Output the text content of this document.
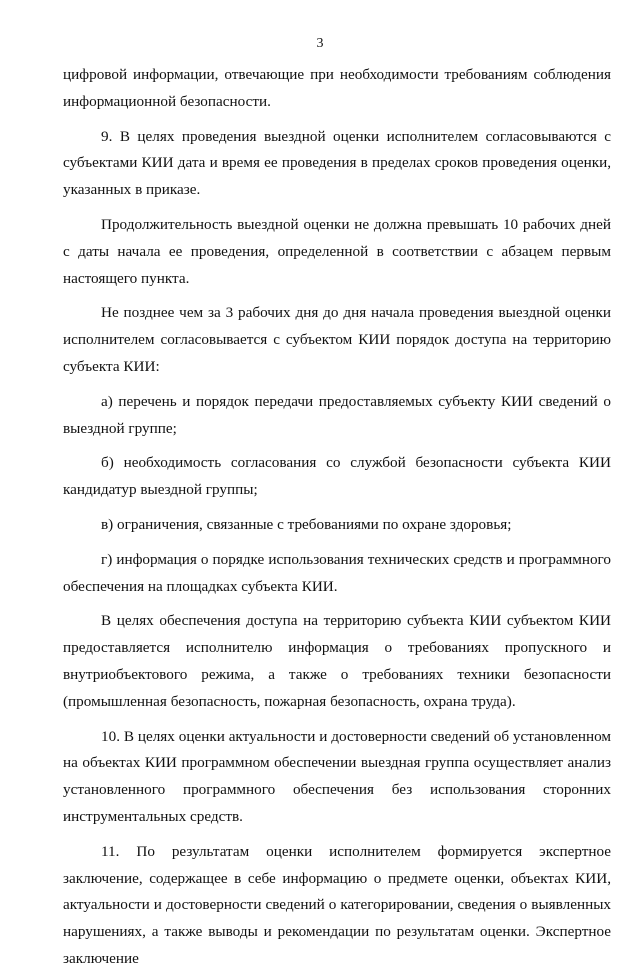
3

цифровой информации, отвечающие при необходимости требованиям соблюдения информационной безопасности.

9. В целях проведения выездной оценки исполнителем согласовываются с субъектами КИИ дата и время ее проведения в пределах сроков проведения оценки, указанных в приказе.

Продолжительность выездной оценки не должна превышать 10 рабочих дней с даты начала ее проведения, определенной в соответствии с абзацем первым настоящего пункта.

Не позднее чем за 3 рабочих дня до дня начала проведения выездной оценки исполнителем согласовывается с субъектом КИИ порядок доступа на территорию субъекта КИИ:

а) перечень и порядок передачи предоставляемых субъекту КИИ сведений о выездной группе;

б) необходимость согласования со службой безопасности субъекта КИИ кандидатур выездной группы;

в) ограничения, связанные с требованиями по охране здоровья;

г) информация о порядке использования технических средств и программного обеспечения на площадках субъекта КИИ.

В целях обеспечения доступа на территорию субъекта КИИ субъектом КИИ предоставляется исполнителю информация о требованиях пропускного и внутриобъектового режима, а также о требованиях техники безопасности (промышленная безопасность, пожарная безопасность, охрана труда).

10. В целях оценки актуальности и достоверности сведений об установленном на объектах КИИ программном обеспечении выездная группа осуществляет анализ установленного программного обеспечения без использования сторонних инструментальных средств.

11. По результатам оценки исполнителем формируется экспертное заключение, содержащее в себе информацию о предмете оценки, объектах КИИ, актуальности и достоверности сведений о категорировании, сведения о выявленных нарушениях, а также выводы и рекомендации по результатам оценки. Экспертное заключение
